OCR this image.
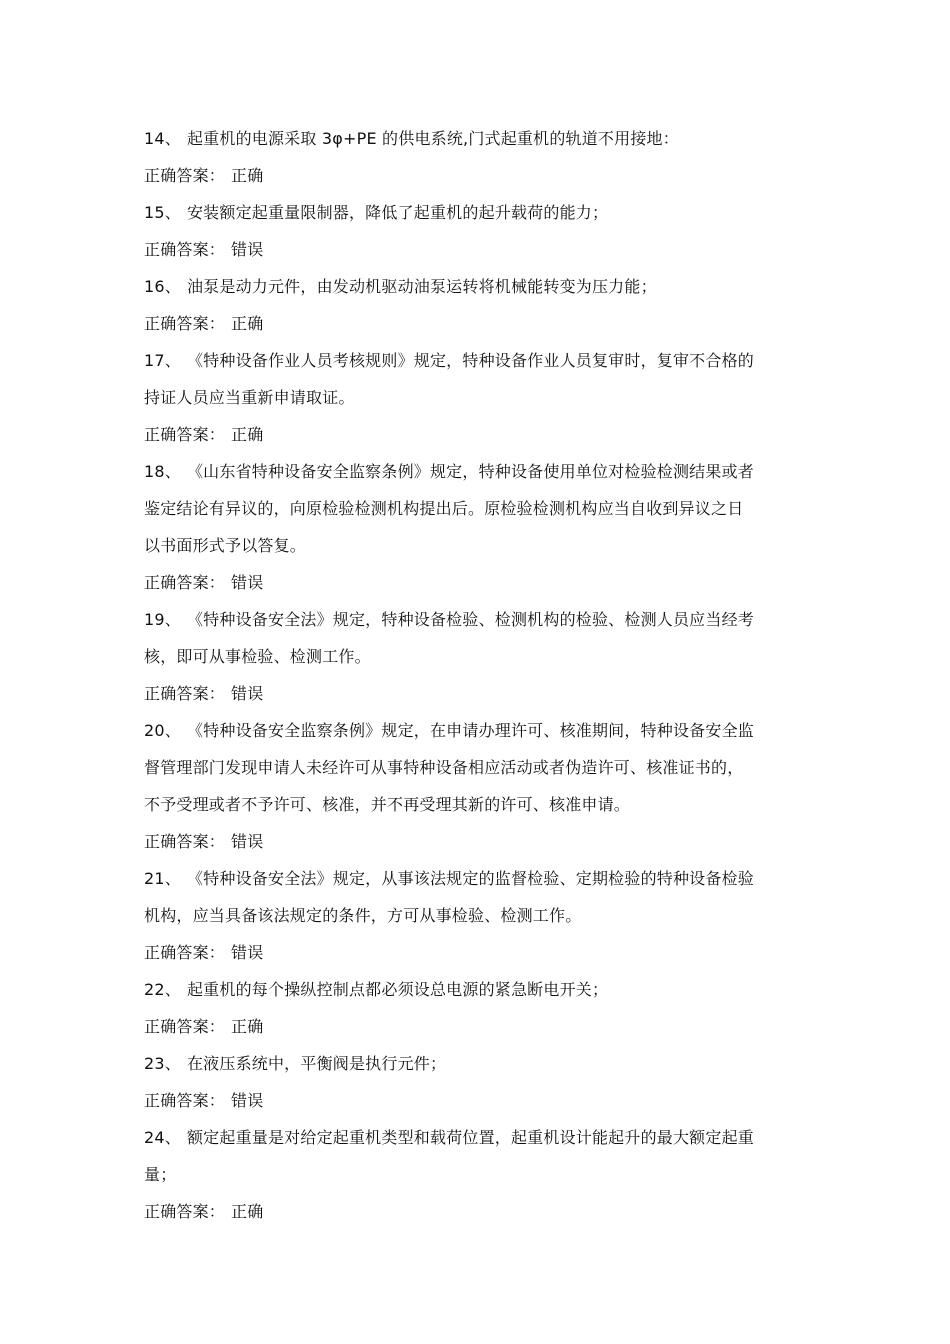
14、 起重机的电源采取 3φ+PE 的供电系统,门式起重机的轨道不用接地：
正确答案： 正确
15、 安装额定起重量限制器，降低了起重机的起升载荷的能力；
正确答案： 错误
16、 油泵是动力元件，由发动机驱动油泵运转将机械能转变为压力能；
正确答案： 正确
17、 《特种设备作业人员考核规则》规定，特种设备作业人员复审时，复审不合格的
持证人员应当重新申请取证。
正确答案： 正确
18、 《山东省特种设备安全监察条例》规定，特种设备使用单位对检验检测结果或者
鉴定结论有异议的，向原检验检测机构提出后。原检验检测机构应当自收到异议之日
以书面形式予以答复。
正确答案： 错误
19、 《特种设备安全法》规定，特种设备检验、检测机构的检验、检测人员应当经考
核，即可从事检验、检测工作。
正确答案： 错误
20、 《特种设备安全监察条例》规定，在申请办理许可、核准期间，特种设备安全监
督管理部门发现申请人未经许可从事特种设备相应活动或者伪造许可、核准证书的，
不予受理或者不予许可、核准，并不再受理其新的许可、核准申请。
正确答案： 错误
21、 《特种设备安全法》规定，从事该法规定的监督检验、定期检验的特种设备检验
机构，应当具备该法规定的条件，方可从事检验、检测工作。
正确答案： 错误
22、 起重机的每个操纵控制点都必须设总电源的紧急断电开关；
正确答案： 正确
23、 在液压系统中，平衡阀是执行元件；
正确答案： 错误
24、 额定起重量是对给定起重机类型和载荷位置，起重机设计能起升的最大额定起重
量；
正确答案： 正确
